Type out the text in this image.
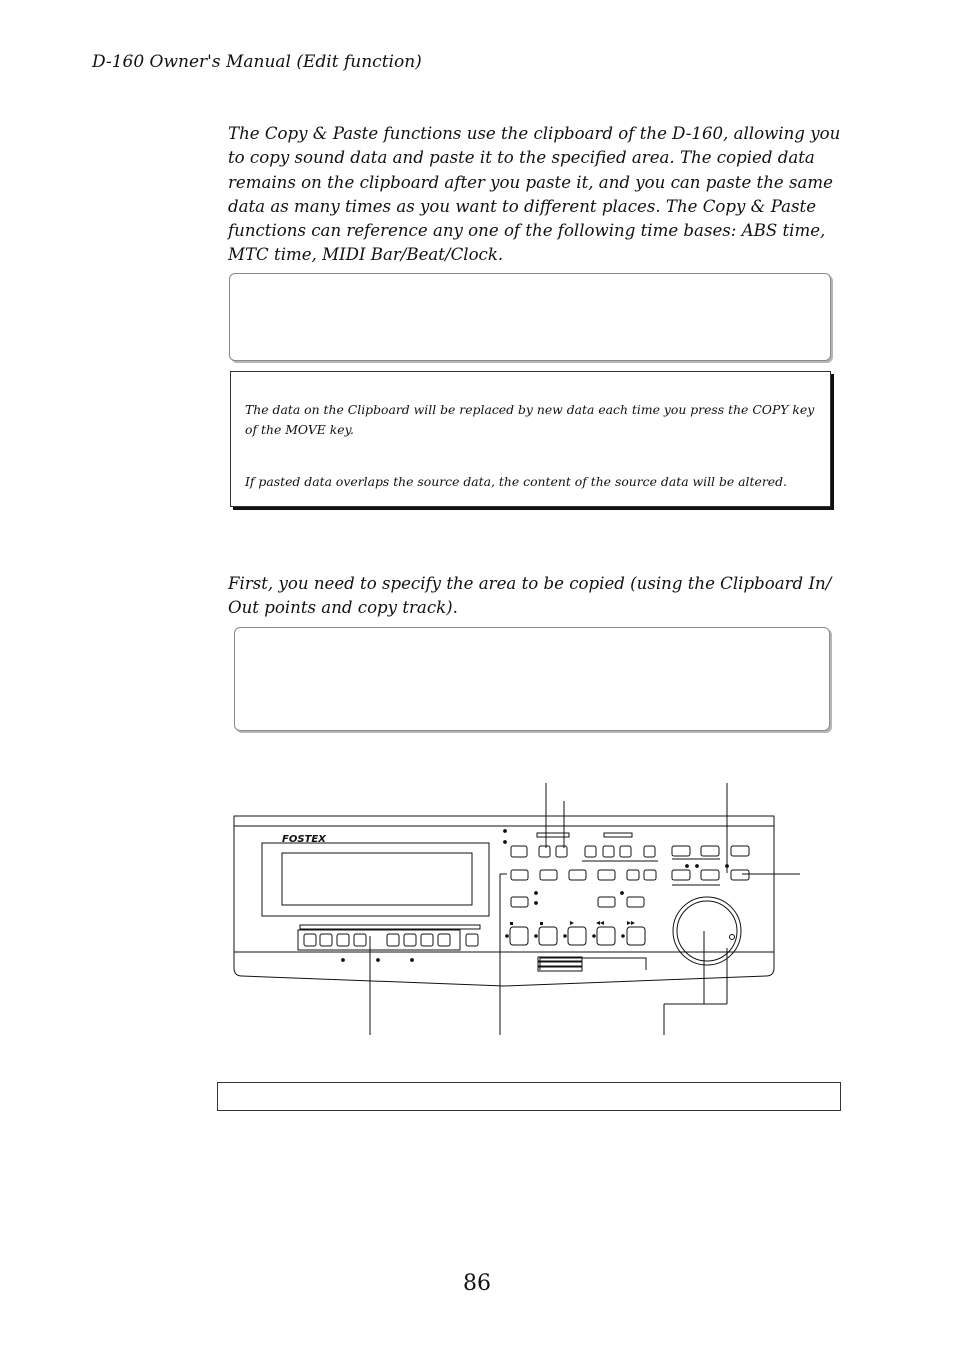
D-160 Owner's Manual (Edit function)
The Copy & Paste functions use the clipboard of the D-160, allowing you to copy sound data and paste it to the specified area. The copied data remains on the clipboard after you paste it, and you can paste the same data as many times as you want to different places. The Copy & Paste functions can reference any one of the following time bases: ABS time, MTC time, MIDI Bar/Beat/Clock.

The data on the Clipboard will be replaced by new data each time you press the COPY key of the MOVE key.

If pasted data overlaps the source data, the content of the source data will be altered.

First, you need to specify the area to be copied (using the Clipboard In/ Out points and copy track).
FOSTEX
86
